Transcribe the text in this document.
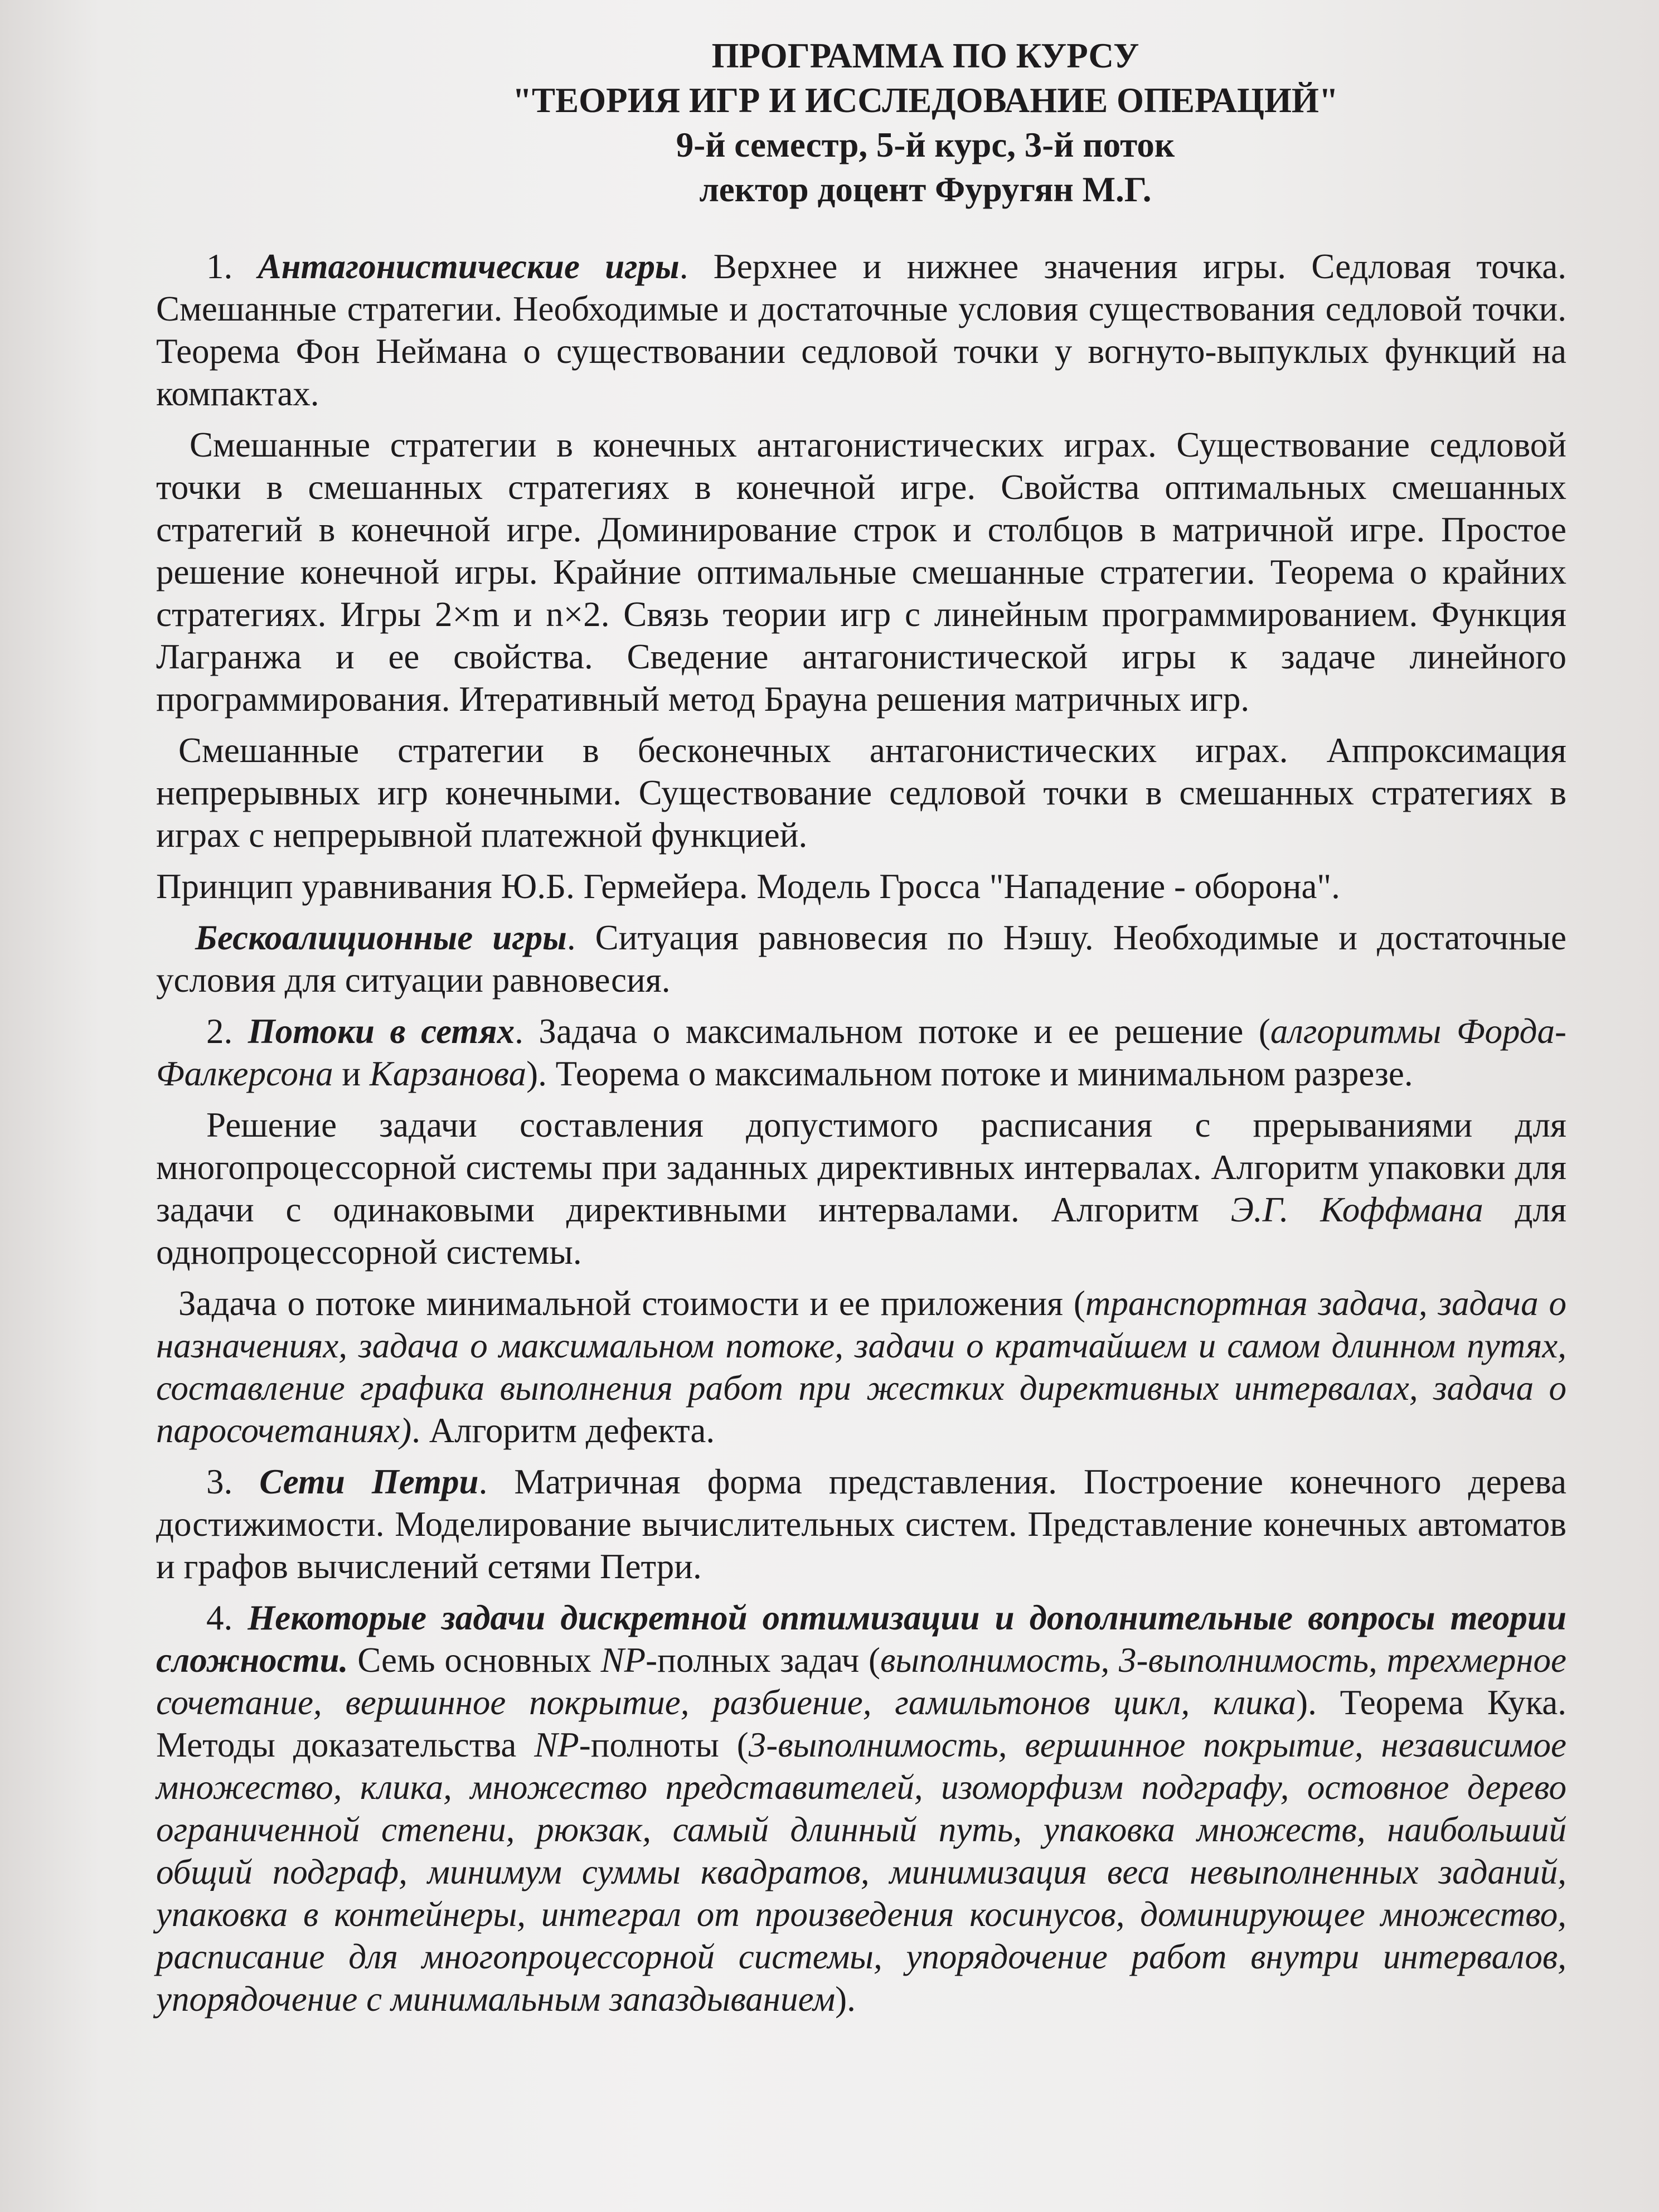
ПРОГРАММА ПО КУРСУ
"ТЕОРИЯ ИГР И ИССЛЕДОВАНИЕ ОПЕРАЦИЙ"
9-й семестр, 5-й курс, 3-й поток
лектор доцент Фуругян М.Г.

1. Антагонистические игры. Верхнее и нижнее значения игры. Седловая точка. Смешанные стратегии. Необходимые и достаточные условия существования седловой точки. Теорема Фон Неймана о существовании седловой точки у вогнуто-выпуклых функций на компактах.

Смешанные стратегии в конечных антагонистических играх. Существование седловой точки в смешанных стратегиях в конечной игре. Свойства оптимальных смешанных стратегий в конечной игре. Доминирование строк и столбцов в матричной игре. Простое решение конечной игры. Крайние оптимальные смешанные стратегии. Теорема о крайних стратегиях. Игры 2×m и n×2. Связь теории игр с линейным программированием. Функция Лагранжа и ее свойства. Сведение антагонистической игры к задаче линейного программирования. Итеративный метод Брауна решения матричных игр.

Смешанные стратегии в бесконечных антагонистических играх. Аппроксимация непрерывных игр конечными. Существование седловой точки в смешанных стратегиях в играх с непрерывной платежной функцией.

Принцип уравнивания Ю.Б. Гермейера. Модель Гросса "Нападение - оборона".

Бескоалиционные игры. Ситуация равновесия по Нэшу. Необходимые и достаточные условия для ситуации равновесия.

2. Потоки в сетях. Задача о максимальном потоке и ее решение (алгоритмы Форда-Фалкерсона и Карзанова). Теорема о максимальном потоке и минимальном разрезе.

Решение задачи составления допустимого расписания с прерываниями для многопроцессорной системы при заданных директивных интервалах. Алгоритм упаковки для задачи с одинаковыми директивными интервалами. Алгоритм Э.Г. Коффмана для однопроцессорной системы.

Задача о потоке минимальной стоимости и ее приложения (транспортная задача, задача о назначениях, задача о максимальном потоке, задачи о кратчайшем и самом длинном путях, составление графика выполнения работ при жестких директивных интервалах, задача о паросочетаниях). Алгоритм дефекта.

3. Сети Петри. Матричная форма представления. Построение конечного дерева достижимости. Моделирование вычислительных систем. Представление конечных автоматов и графов вычислений сетями Петри.

4. Некоторые задачи дискретной оптимизации и дополнительные вопросы теории сложности. Семь основных NP-полных задач (выполнимость, 3-выполнимость, трехмерное сочетание, вершинное покрытие, разбиение, гамильтонов цикл, клика). Теорема Кука. Методы доказательства NP-полноты (3-выполнимость, вершинное покрытие, независимое множество, клика, множество представителей, изоморфизм подграфу, остовное дерево ограниченной степени, рюкзак, самый длинный путь, упаковка множеств, наибольший общий подграф, минимум суммы квадратов, минимизация веса невыполненных заданий, упаковка в контейнеры, интеграл от произведения косинусов, доминирующее множество, расписание для многопроцессорной системы, упорядочение работ внутри интервалов, упорядочение с минимальным запаздыванием).
